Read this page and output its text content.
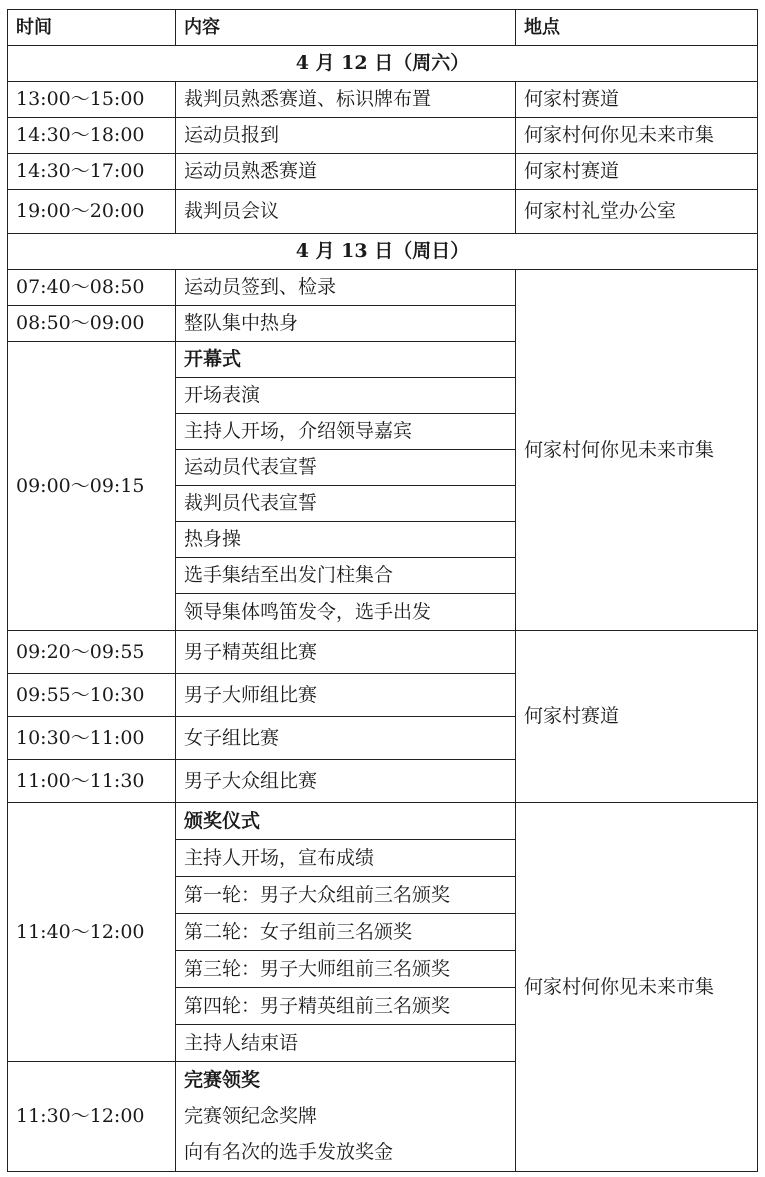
时间	内容	地点
4 月 12 日（周六）		
13:00～15:00	裁判员熟悉赛道、标识牌布置	何家村赛道
14:30～18:00	运动员报到	何家村何你见未来市集
14:30～17:00	运动员熟悉赛道	何家村赛道
19:00～20:00	裁判员会议	何家村礼堂办公室
4 月 13 日（周日）		
07:40～08:50	运动员签到、检录	何家村何你见未来市集
08:50～09:00	整队集中热身	
09:00～09:15	开幕式	
	开场表演	
	主持人开场，介绍领导嘉宾	
	运动员代表宣誓	
	裁判员代表宣誓	
	热身操	
	选手集结至出发门柱集合	
	领导集体鸣笛发令，选手出发	
09:20～09:55	男子精英组比赛	何家村赛道
09:55～10:30	男子大师组比赛	
10:30～11:00	女子组比赛	
11:00～11:30	男子大众组比赛	
11:40～12:00	颁奖仪式	何家村何你见未来市集
	主持人开场，宣布成绩	
	第一轮：男子大众组前三名颁奖	
	第二轮：女子组前三名颁奖	
	第三轮：男子大师组前三名颁奖	
	第四轮：男子精英组前三名颁奖	
	主持人结束语	
11:30～12:00	完赛领奖	
	完赛领纪念奖牌	
	向有名次的选手发放奖金	
